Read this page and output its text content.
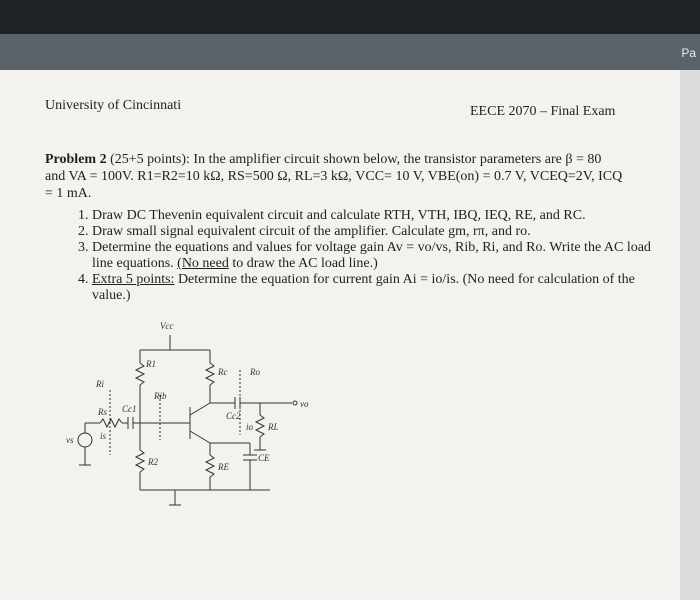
Pa
University of Cincinnati	EECE 2070 – Final Exam
Problem 2 (25+5 points): In the amplifier circuit shown below, the transistor parameters are β = 80 and VA = 100V. R1=R2=10 kΩ, RS=500 Ω, RL=3 kΩ, VCC= 10 V, VBE(on) = 0.7 V, VCEQ=2V, ICQ = 1 mA.
1. Draw DC Thevenin equivalent circuit and calculate RTH, VTH, IBQ, IEQ, RE, and RC.
2. Draw small signal equivalent circuit of the amplifier. Calculate gm, rπ, and ro.
3. Determine the equations and values for voltage gain Av = vo/vs, Rib, Ri, and Ro. Write the AC load line equations. (No need to draw the AC load line.)
4. Extra 5 points: Determine the equation for current gain Ai = io/is. (No need for calculation of the value.)
Vcc
R1
R2
Rc
RE
Rs
RL
Ri
Rib
Ro
Cc1
Cc2
CE
is
io
vo
vs
